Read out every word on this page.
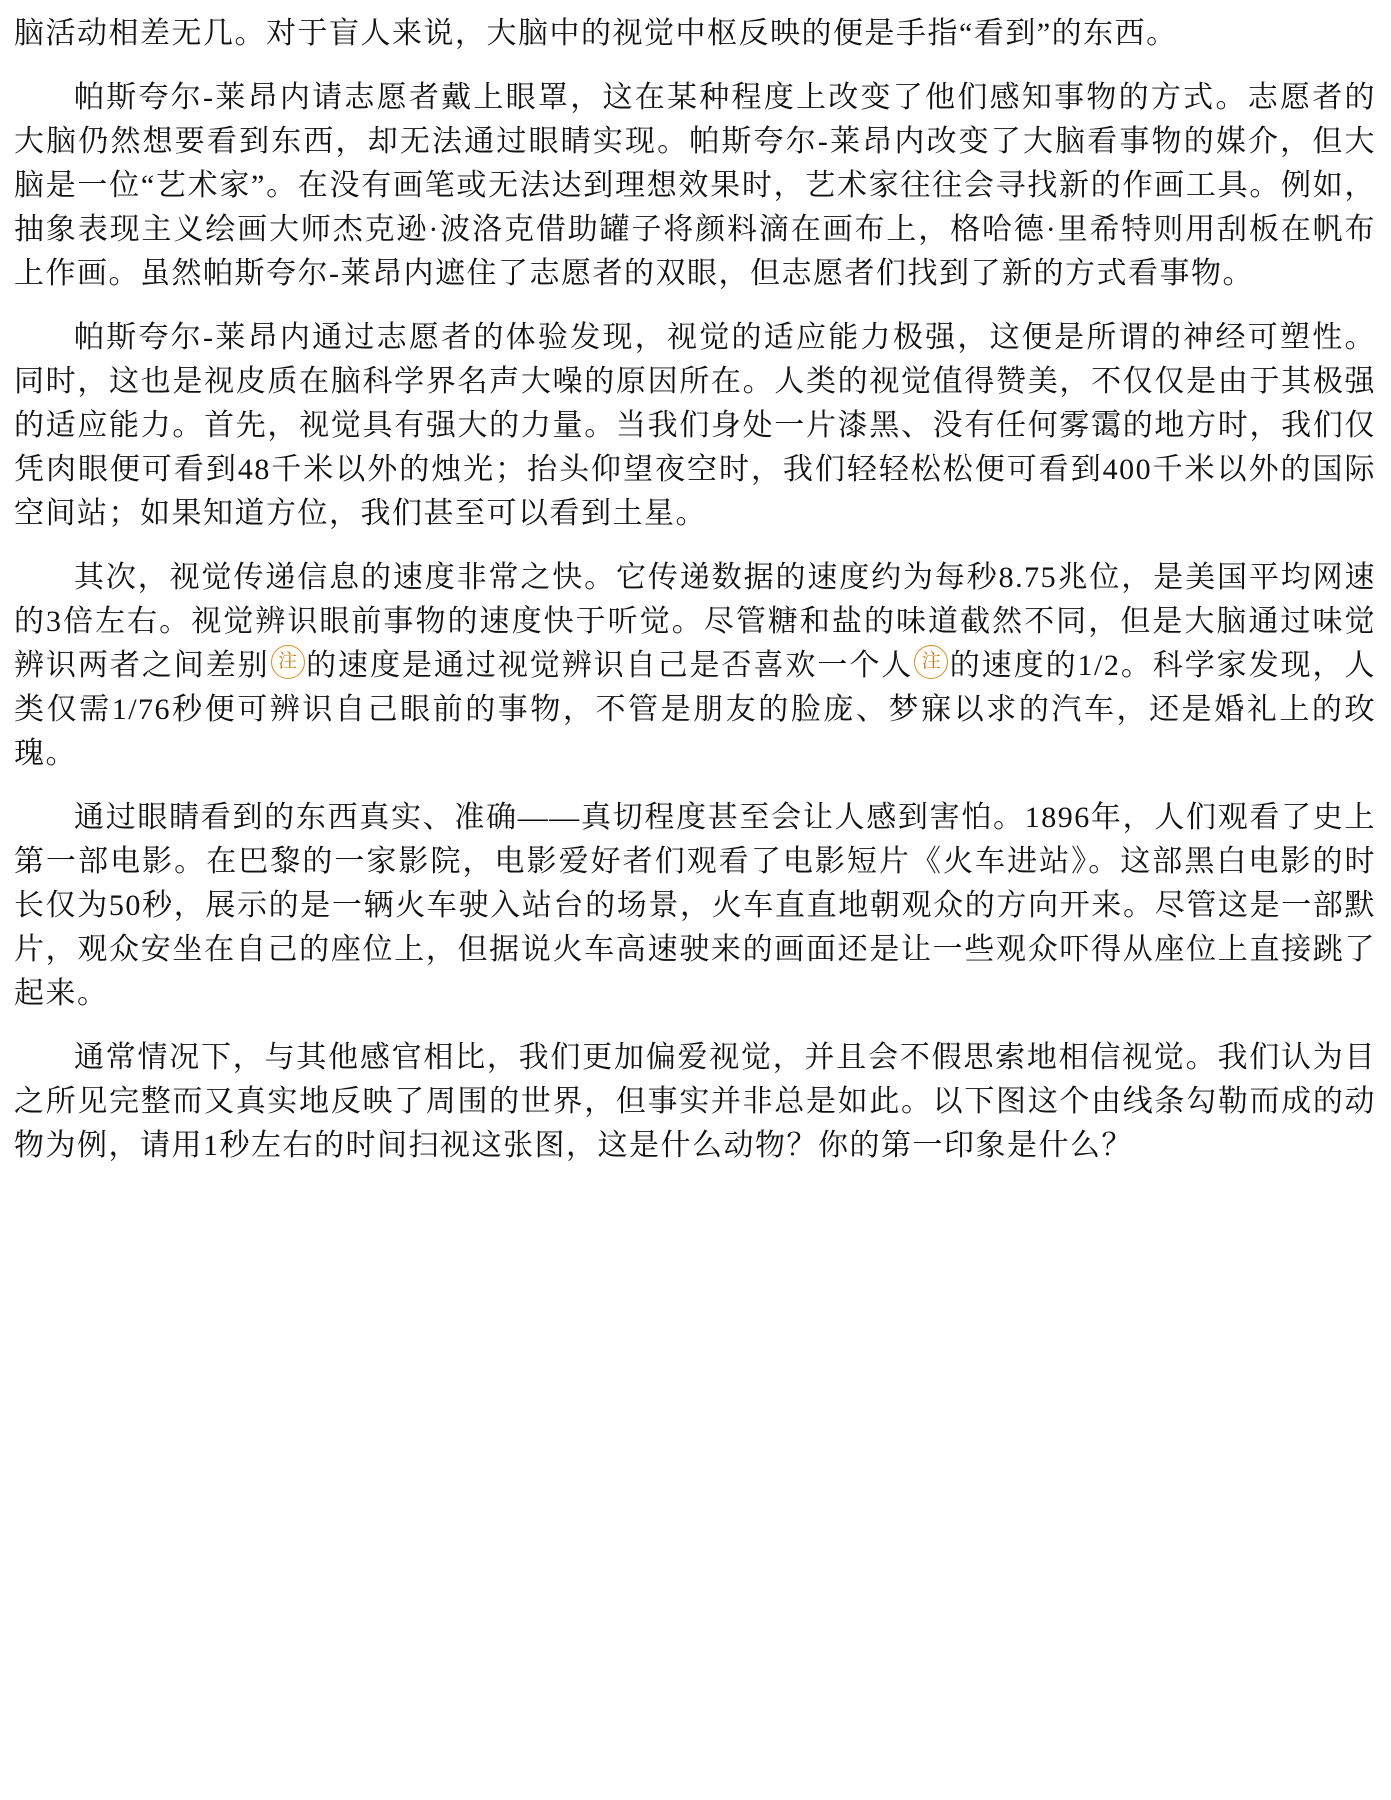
脑活动相差无几。对于盲人来说，大脑中的视觉中枢反映的便是手指“看到”的东西。

帕斯夸尔-莱昂内请志愿者戴上眼罩，这在某种程度上改变了他们感知事物的方式。志愿者的大脑仍然想要看到东西，却无法通过眼睛实现。帕斯夸尔-莱昂内改变了大脑看事物的媒介，但大脑是一位“艺术家”。在没有画笔或无法达到理想效果时，艺术家往往会寻找新的作画工具。例如，抽象表现主义绘画大师杰克逊·波洛克借助罐子将颜料滴在画布上，格哈德·里希特则用刮板在帆布上作画。虽然帕斯夸尔-莱昂内遮住了志愿者的双眼，但志愿者们找到了新的方式看事物。

帕斯夸尔-莱昂内通过志愿者的体验发现，视觉的适应能力极强，这便是所谓的神经可塑性。同时，这也是视皮质在脑科学界名声大噪的原因所在。人类的视觉值得赞美，不仅仅是由于其极强的适应能力。首先，视觉具有强大的力量。当我们身处一片漆黑、没有任何雾霭的地方时，我们仅凭肉眼便可看到48千米以外的烛光；抬头仰望夜空时，我们轻轻松松便可看到400千米以外的国际空间站；如果知道方位，我们甚至可以看到土星。

其次，视觉传递信息的速度非常之快。它传递数据的速度约为每秒8.75兆位，是美国平均网速的3倍左右。视觉辨识眼前事物的速度快于听觉。尽管糖和盐的味道截然不同，但是大脑通过味觉辨识两者之间差别 注 的速度是通过视觉辨识自己是否喜欢一个人 注 的速度的1/2。科学家发现，人类仅需1/76秒便可辨识自己眼前的事物，不管是朋友的脸庞、梦寐以求的汽车，还是婚礼上的玫瑰。

通过眼睛看到的东西真实、准确——真切程度甚至会让人感到害怕。1896年，人们观看了史上第一部电影。在巴黎的一家影院，电影爱好者们观看了电影短片《火车进站》。这部黑白电影的时长仅为50秒，展示的是一辆火车驶入站台的场景，火车直直地朝观众的方向开来。尽管这是一部默片，观众安坐在自己的座位上，但据说火车高速驶来的画面还是让一些观众吓得从座位上直接跳了起来。

通常情况下，与其他感官相比，我们更加偏爱视觉，并且会不假思索地相信视觉。我们认为目之所见完整而又真实地反映了周围的世界，但事实并非总是如此。以下图这个由线条勾勒而成的动物为例，请用1秒左右的时间扫视这张图，这是什么动物？你的第一印象是什么？
